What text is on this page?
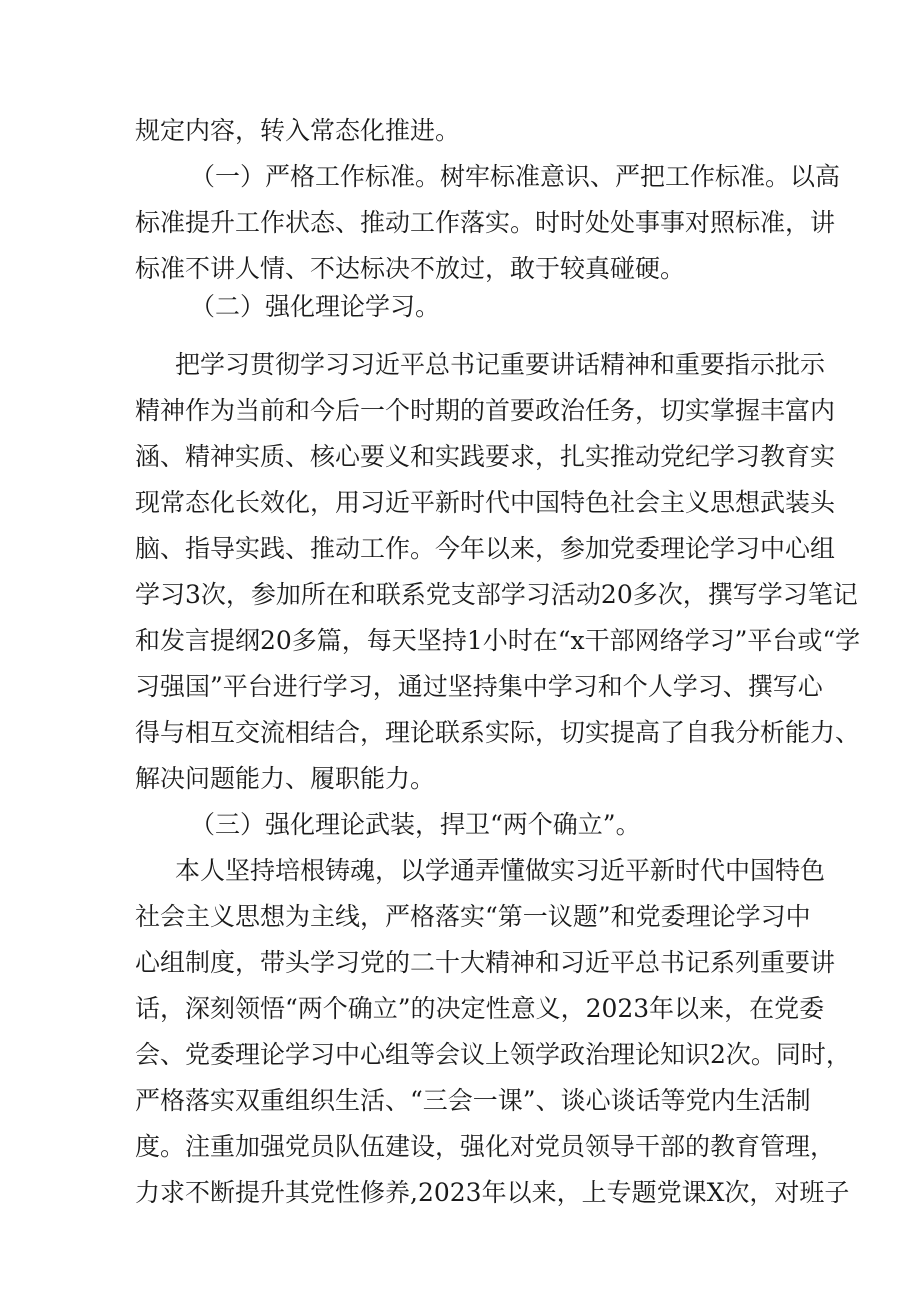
规定内容，转入常态化推进。
（一）严格工作标准。树牢标准意识、严把工作标准。以高
标准提升工作状态、推动工作落实。时时处处事事对照标准，讲
标准不讲人情、不达标决不放过，敢于较真碰硬。
（二）强化理论学习。
把学习贯彻学习习近平总书记重要讲话精神和重要指示批示
精神作为当前和今后一个时期的首要政治任务，切实掌握丰富内
涵、精神实质、核心要义和实践要求，扎实推动党纪学习教育实
现常态化长效化，用习近平新时代中国特色社会主义思想武装头
脑、指导实践、推动工作。今年以来，参加党委理论学习中心组
学习3次，参加所在和联系党支部学习活动20多次，撰写学习笔记
和发言提纲20多篇，每天坚持1小时在“x干部网络学习”平台或“学
习强国”平台进行学习，通过坚持集中学习和个人学习、撰写心
得与相互交流相结合，理论联系实际，切实提高了自我分析能力、
解决问题能力、履职能力。
（三）强化理论武装，捍卫“两个确立”。
本人坚持培根铸魂，以学通弄懂做实习近平新时代中国特色
社会主义思想为主线，严格落实“第一议题”和党委理论学习中
心组制度，带头学习党的二十大精神和习近平总书记系列重要讲
话，深刻领悟“两个确立”的决定性意义，2023年以来，在党委
会、党委理论学习中心组等会议上领学政治理论知识2次。同时，
严格落实双重组织生活、“三会一课”、谈心谈话等党内生活制
度。注重加强党员队伍建设，强化对党员领导干部的教育管理，
力求不断提升其党性修养,2023年以来，上专题党课X次，对班子
